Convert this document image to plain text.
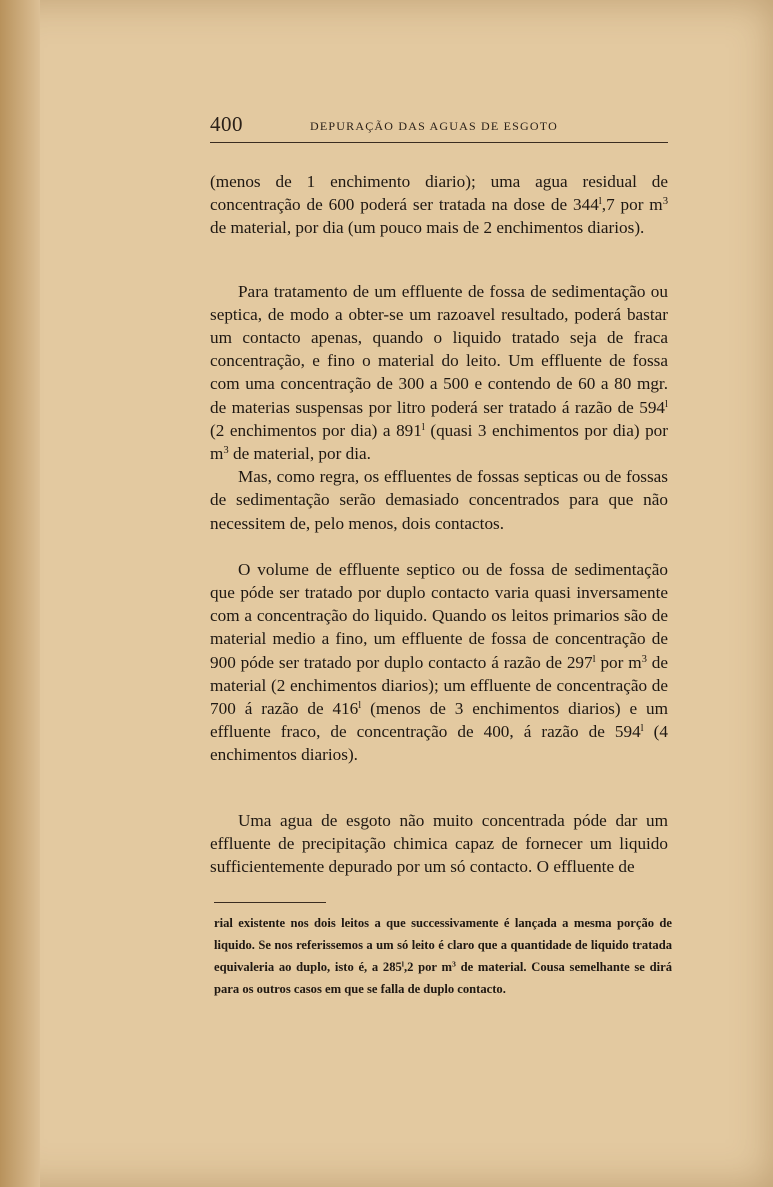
400	DEPURAÇÃO DAS AGUAS DE ESGOTO

(menos de 1 enchimento diario); uma agua residual de concentração de 600 poderá ser tratada na dose de 344$^l$,7 por $m^3$ de material, por dia (um pouco mais de 2 enchimentos diarios).

Para tratamento de um effluente de fossa de sedimentação ou septica, de modo a obter-se um razoavel resultado, poderá bastar um contacto apenas, quando o liquido tratado seja de fraca concentração, e fino o material do leito. Um effluente de fossa com uma concentração de 300 a 500 e contendo de 60 a 80 mgr. de materias suspensas por litro poderá ser tratado á razão de 594$^l$ (2 enchimentos por dia) a 891$^l$ (quasi 3 enchimentos por dia) por $m^3$ de material, por dia.

Mas, como regra, os effluentes de fossas septicas ou de fossas de sedimentação serão demasiado concentrados para que não necessitem de, pelo menos, dois contactos.

O volume de effluente septico ou de fossa de sedimentação que póde ser tratado por duplo contacto varia quasi inversamente com a concentração do liquido. Quando os leitos primarios são de material medio a fino, um effluente de fossa de concentração de 900 póde ser tratado por duplo contacto á razão de 297$^l$ por $m^3$ de material (2 enchimentos diarios); um effluente de concentração de 700 á razão de 416$^l$ (menos de 3 enchimentos diarios) e um effluente fraco, de concentração de 400, á razão de 594$^l$ (4 enchimentos diarios).

Uma agua de esgoto não muito concentrada póde dar um effluente de precipitação chimica capaz de fornecer um liquido sufficientemente depurado por um só contacto. O effluente de

rial existente nos dois leitos a que successivamente é lançada a mesma porção de liquido. Se nos referissemos a um só leito é claro que a quantidade de liquido tratada equivaleria ao duplo, isto é, a 285$^l$,2 por $m^3$ de material. Cousa semelhante se dirá para os outros casos em que se falla de duplo contacto.
